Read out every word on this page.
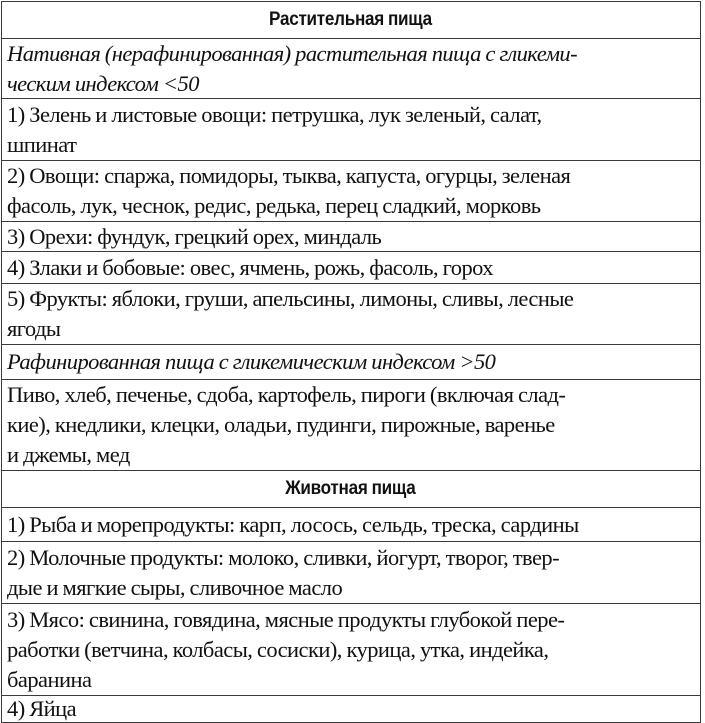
Растительная пища
Нативная (нерафинированная) растительная пища с гликеми-
ческим индексом <50
1) Зелень и листовые овощи: петрушка, лук зеленый, салат,
шпинат
2) Овощи: спаржа, помидоры, тыква, капуста, огурцы, зеленая
фасоль, лук, чеснок, редис, редька, перец сладкий, морковь
3) Орехи: фундук, грецкий орех, миндаль
4) Злаки и бобовые: овес, ячмень, рожь, фасоль, горох
5) Фрукты: яблоки, груши, апельсины, лимоны, сливы, лесные
ягоды
Рафинированная пища с гликемическим индексом >50
Пиво, хлеб, печенье, сдоба, картофель, пироги (включая слад-
кие), кнедлики, клецки, оладьи, пудинги, пирожные, варенье
и джемы, мед
Животная пища
1) Рыба и морепродукты: карп, лосось, сельдь, треска, сардины
2) Молочные продукты: молоко, сливки, йогурт, творог, твер-
дые и мягкие сыры, сливочное масло
3) Мясо: свинина, говядина, мясные продукты глубокой пере-
работки (ветчина, колбасы, сосиски), курица, утка, индейка,
баранина
4) Яйца
